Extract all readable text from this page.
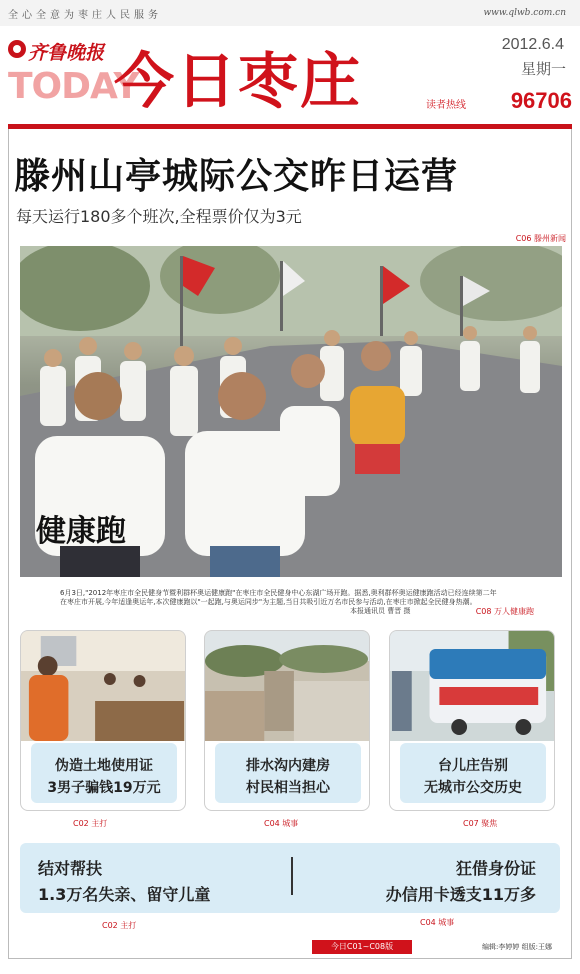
全心全意为枣庄人民服务	www.qlwb.com.cn
齐鲁晚报
TODAY
今日枣庄
2012.6.4
星期一
读者热线 96706
滕州山亭城际公交昨日运营
每天运行180多个班次,全程票价仅为3元
C06 滕州新闻
健康跑
6月3日,"2012年枣庄市全民健身节暨利群杯奥运健康跑"在枣庄市全民健身中心东湖广场开跑。据悉,奥利群杯奥运健康跑活动已经连续第二年
在枣庄市开展,今年适逢奥运年,本次健康跑以"一起跑,与奥运同步"为主题,当日共吸引近万名市民参与活动,在枣庄市掀起全民健身热潮。
本报通讯员 曹晋 摄	C08 万人健康跑
伪造土地使用证
3男子骗钱19万元
C02 主打
排水沟内建房
村民相当担心
C04 城事
台儿庄告别
无城市公交历史
C07 聚焦
结对帮扶
1.3万名失亲、留守儿童
狂借身份证
办信用卡透支11万多
C02 主打	C04 城事
今日C01~C08版	编辑:李婷婷 组版:王娜
